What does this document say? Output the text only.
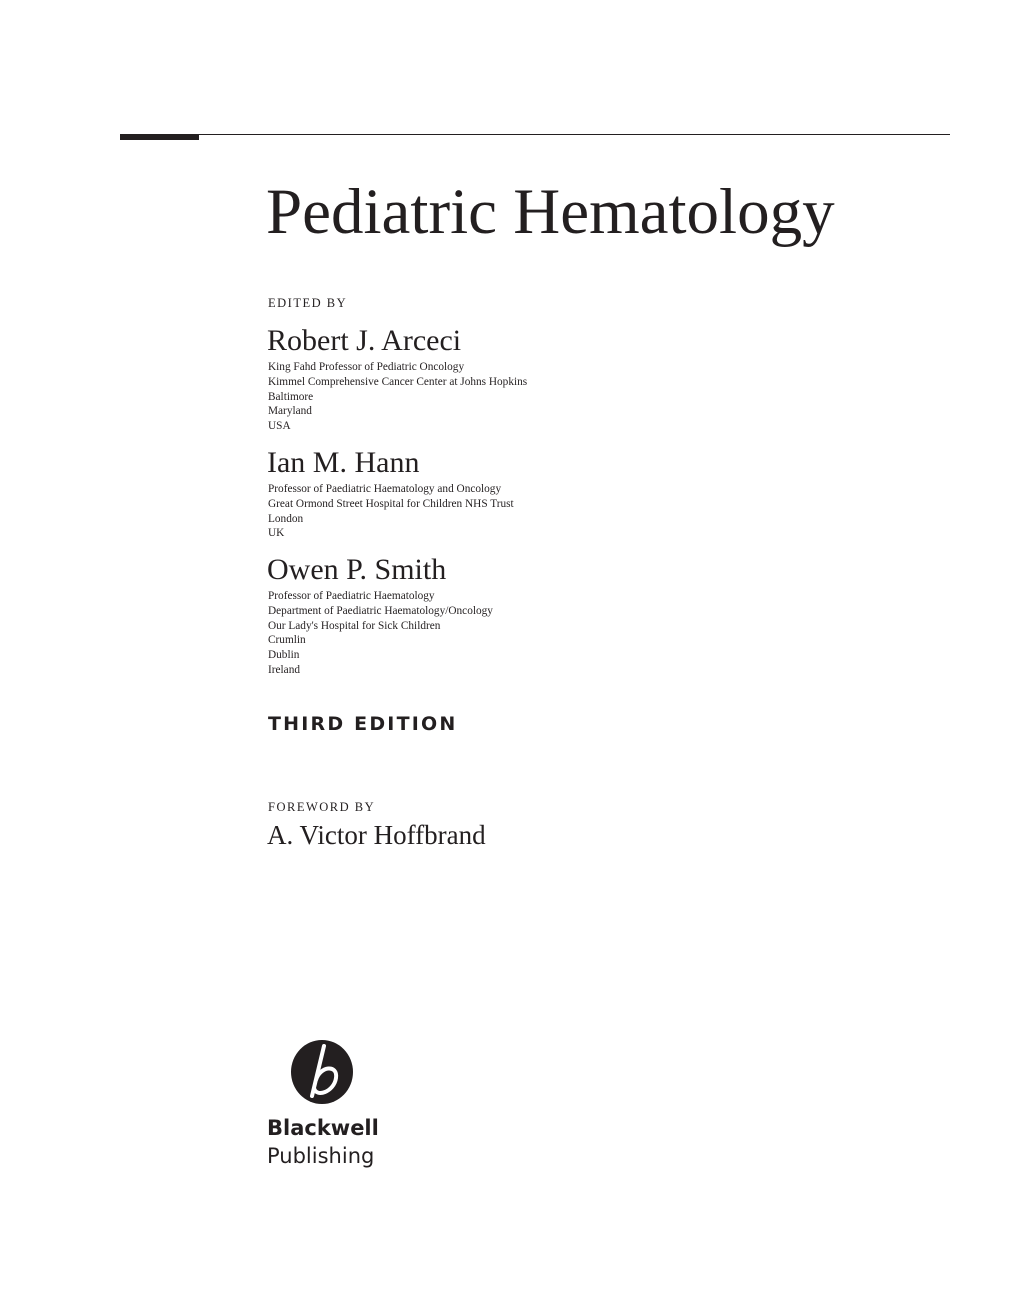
Pediatric Hematology
EDITED BY
Robert J. Arceci
King Fahd Professor of Pediatric Oncology
Kimmel Comprehensive Cancer Center at Johns Hopkins
Baltimore
Maryland
USA
Ian M. Hann
Professor of Paediatric Haematology and Oncology
Great Ormond Street Hospital for Children NHS Trust
London
UK
Owen P. Smith
Professor of Paediatric Haematology
Department of Paediatric Haematology/Oncology
Our Lady's Hospital for Sick Children
Crumlin
Dublin
Ireland
THIRD EDITION
FOREWORD BY
A. Victor Hoffbrand
Blackwell
Publishing
